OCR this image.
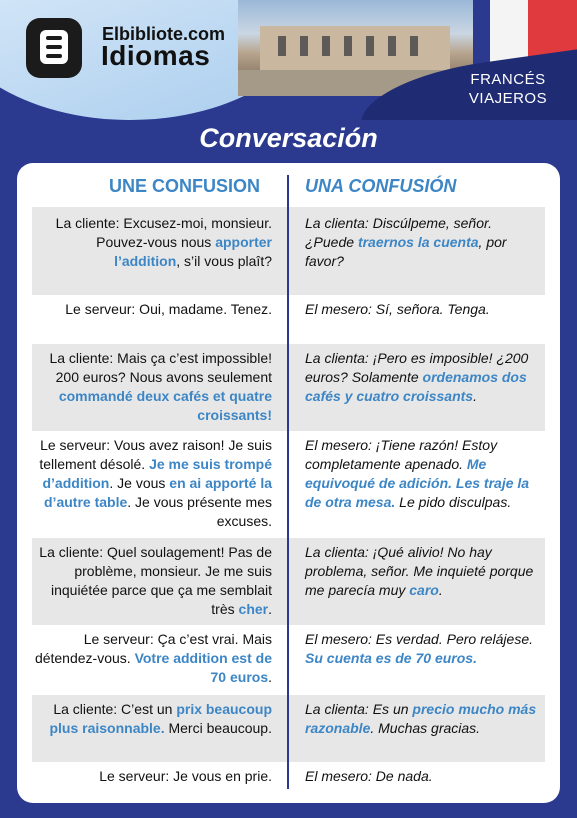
FRANCÉS
VIAJEROS
Elbibliote.com
Idiomas
Conversación
UNE CONFUSION UNA CONFUSIÓN
La cliente: Excusez-moi, monsieur. Pouvez-vous nous apporter l’addition, s’il vous plaît?
La clienta: Discúlpeme, señor. ¿Puede traernos la cuenta, por favor?
Le serveur: Oui, madame. Tenez. El mesero: Sí, señora. Tenga.
La cliente: Mais ça c’est impossible! 200 euros? Nous avons seulement commandé deux cafés et quatre croissants!
La clienta: ¡Pero es imposible! ¿200 euros? Solamente ordenamos dos cafés y cuatro croissants.
Le serveur: Vous avez raison! Je suis tellement désolé. Je me suis trompé d’addition. Je vous en ai apporté la d’autre table. Je vous présente mes excuses.
El mesero: ¡Tiene razón! Estoy completamente apenado. Me equivoqué de adición. Les traje la de otra mesa. Le pido disculpas.
La cliente: Quel soulagement! Pas de problème, monsieur. Je me suis inquiétée parce que ça me semblait très cher.
La clienta: ¡Qué alivio! No hay problema, señor. Me inquieté porque me parecía muy caro.
Le serveur: Ça c’est vrai. Mais détendez-vous. Votre addition est de 70 euros.
El mesero: Es verdad. Pero relájese. Su cuenta es de 70 euros.
La cliente: C’est un prix beaucoup plus raisonnable. Merci beaucoup.
La clienta: Es un precio mucho más razonable. Muchas gracias.
Le serveur: Je vous en prie. El mesero: De nada.
